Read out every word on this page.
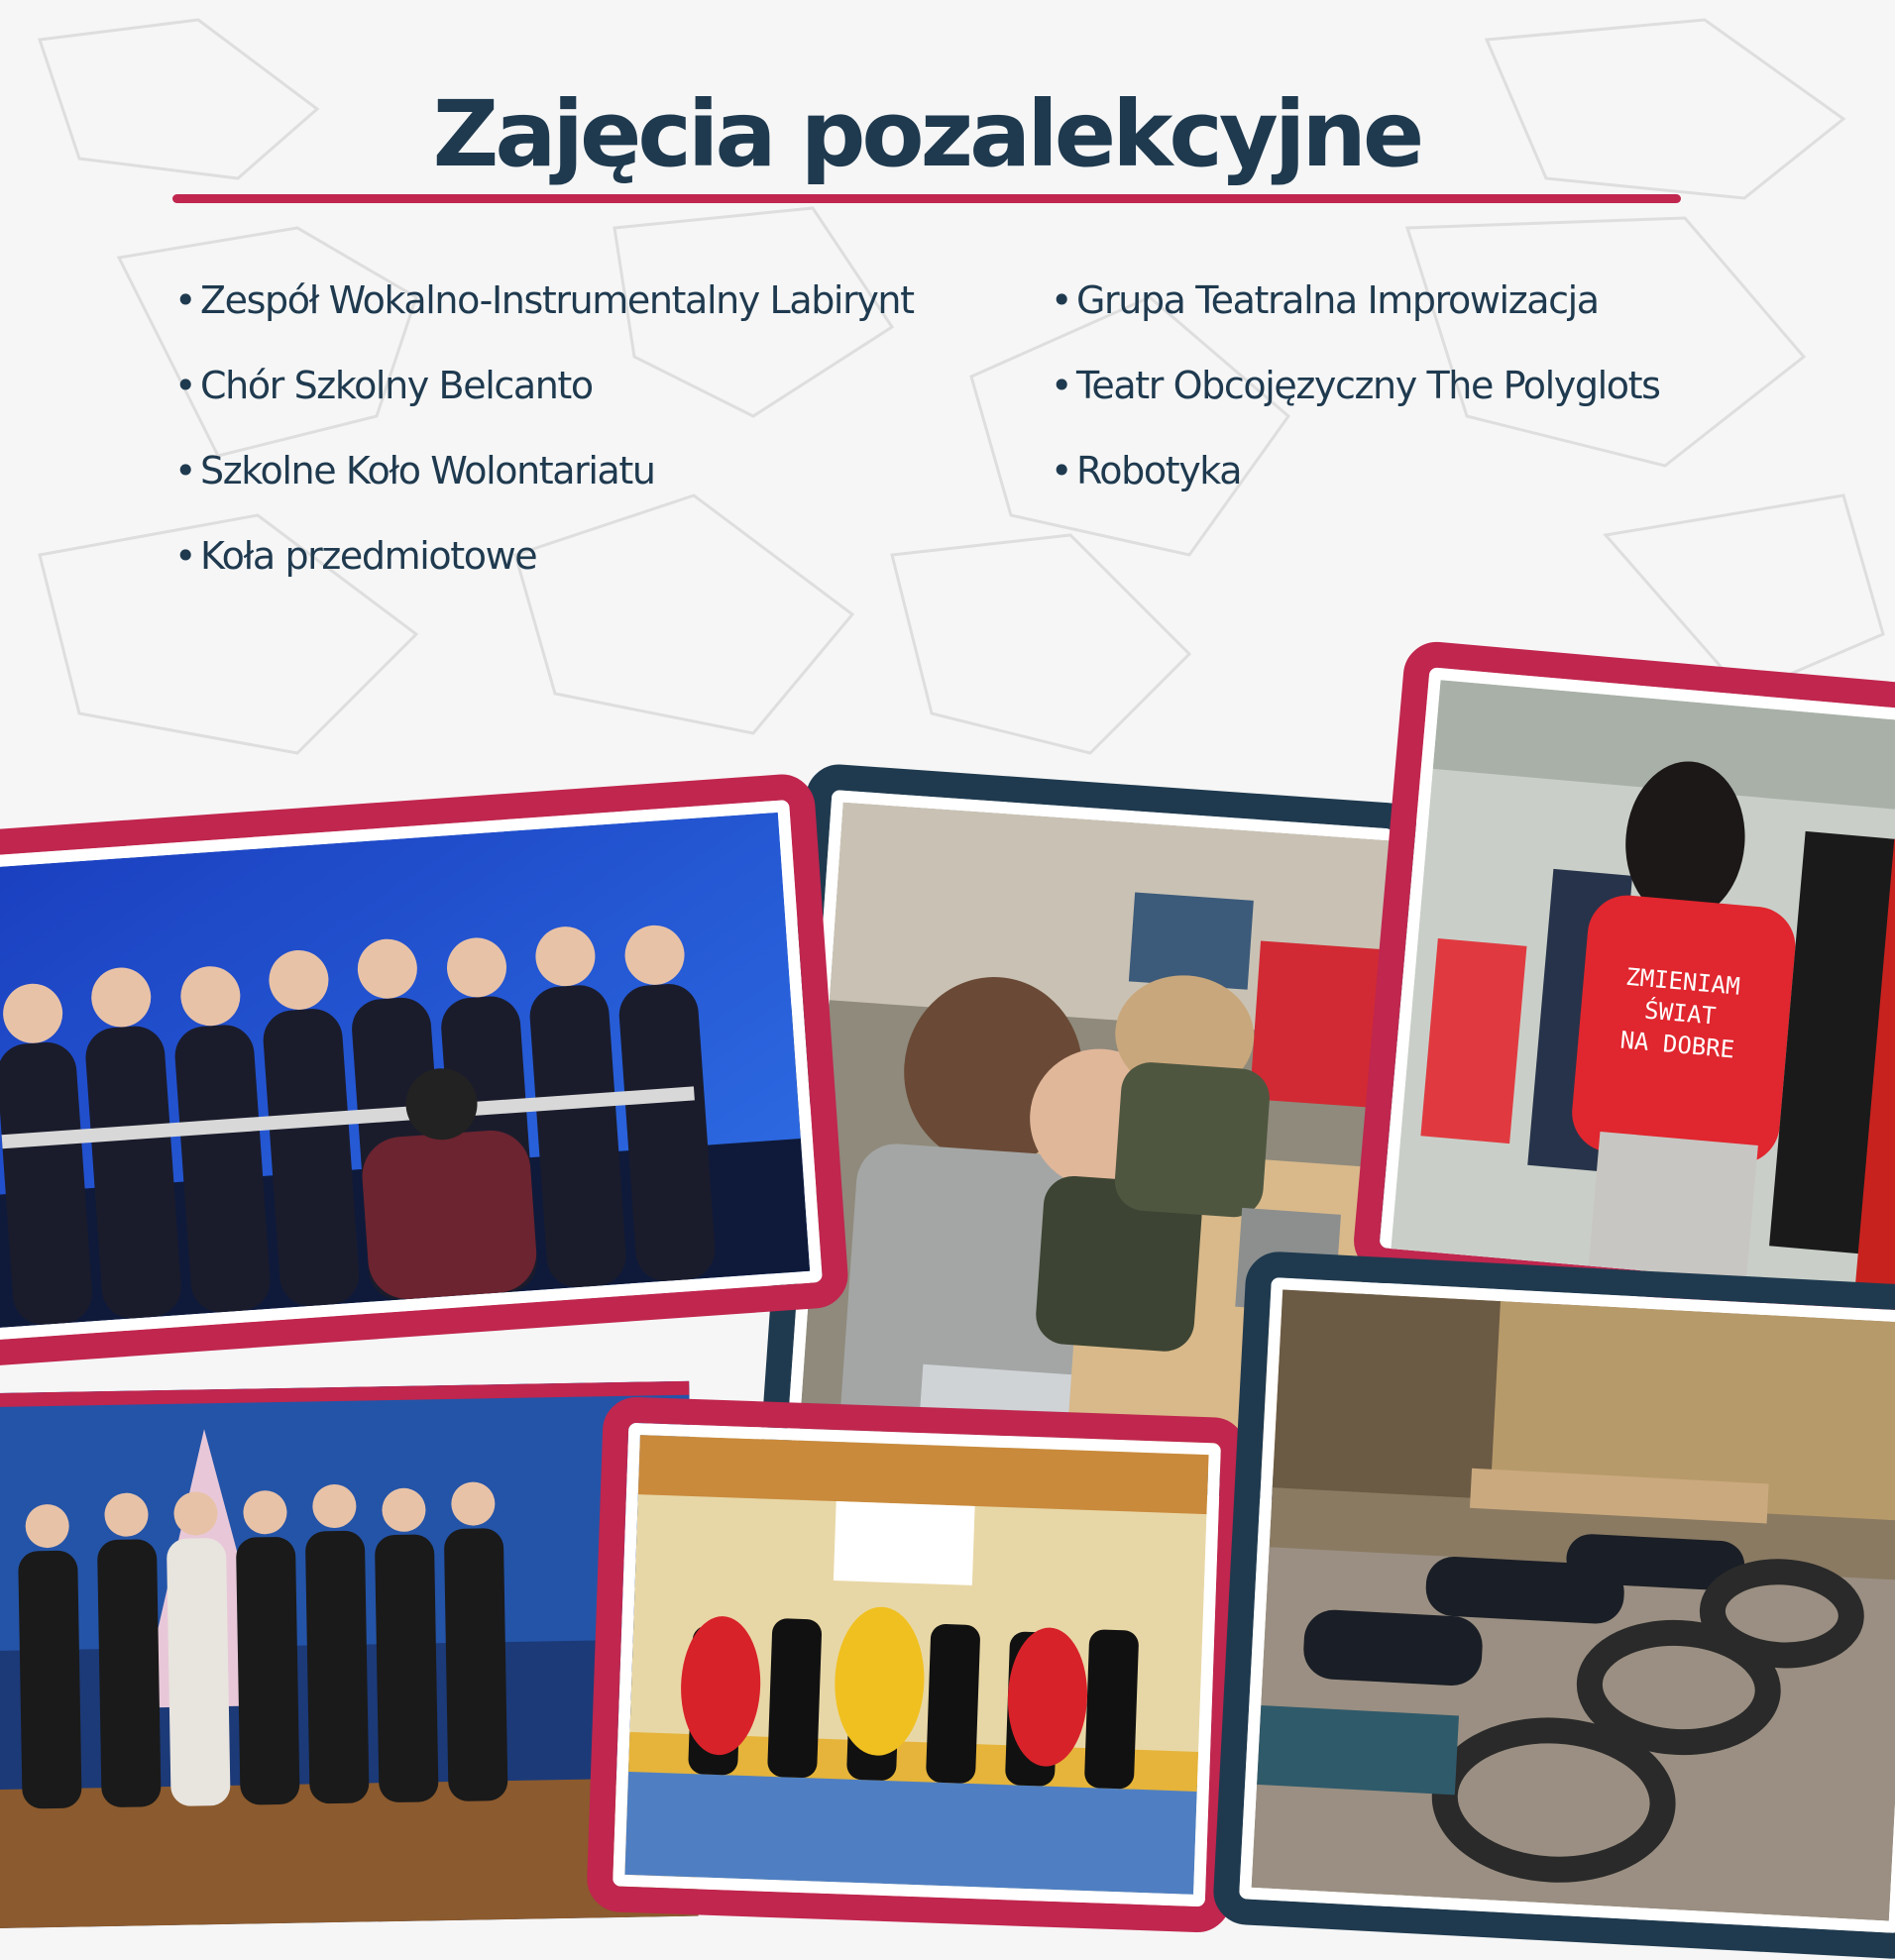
Zajęcia pozalekcyjne
• Zespół Wokalno-Instrumentalny Labirynt
• Chór Szkolny Belcanto
• Szkolne Koło Wolontariatu
• Koła przedmiotowe
• Grupa Teatralna Improwizacja
• Teatr Obcojęzyczny The Polyglots
• Robotyka
ZMIENIAM
ŚWIAT
NA DOBRE
